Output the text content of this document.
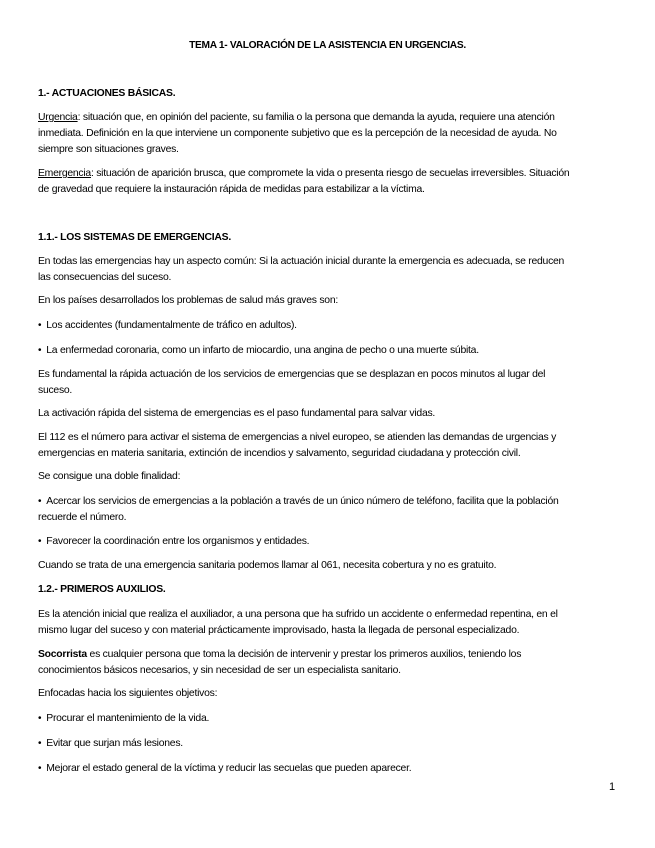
TEMA 1- VALORACIÓN DE LA ASISTENCIA EN URGENCIAS.
1.- ACTUACIONES BÁSICAS.
Urgencia: situación que, en opinión del paciente, su familia o la persona que demanda la ayuda, requiere una atención
inmediata. Definición en la que interviene un componente subjetivo que es la percepción de la necesidad de ayuda. No
siempre son situaciones graves.
Emergencia: situación de aparición brusca, que compromete la vida o presenta riesgo de secuelas irreversibles. Situación
de gravedad que requiere la instauración rápida de medidas para estabilizar a la víctima.
1.1.- LOS SISTEMAS DE EMERGENCIAS.
En todas las emergencias hay un aspecto común: Si la actuación inicial durante la emergencia es adecuada, se reducen
las consecuencias del suceso.
En los países desarrollados los problemas de salud más graves son:
• Los accidentes (fundamentalmente de tráfico en adultos).
• La enfermedad coronaria, como un infarto de miocardio, una angina de pecho o una muerte súbita.
Es fundamental la rápida actuación de los servicios de emergencias que se desplazan en pocos minutos al lugar del
suceso.
La activación rápida del sistema de emergencias es el paso fundamental para salvar vidas.
El 112 es el número para activar el sistema de emergencias a nivel europeo, se atienden las demandas de urgencias y
emergencias en materia sanitaria, extinción de incendios y salvamento, seguridad ciudadana y protección civil.
Se consigue una doble finalidad:
• Acercar los servicios de emergencias a la población a través de un único número de teléfono, facilita que la población
recuerde el número.
• Favorecer la coordinación entre los organismos y entidades.
Cuando se trata de una emergencia sanitaria podemos llamar al 061, necesita cobertura y no es gratuito.
1.2.- PRIMEROS AUXILIOS.
Es la atención inicial que realiza el auxiliador, a una persona que ha sufrido un accidente o enfermedad repentina, en el
mismo lugar del suceso y con material prácticamente improvisado, hasta la llegada de personal especializado.
Socorrista es cualquier persona que toma la decisión de intervenir y prestar los primeros auxilios, teniendo los
conocimientos básicos necesarios, y sin necesidad de ser un especialista sanitario.
Enfocadas hacia los siguientes objetivos:
• Procurar el mantenimiento de la vida.
• Evitar que surjan más lesiones.
• Mejorar el estado general de la víctima y reducir las secuelas que pueden aparecer.
1
